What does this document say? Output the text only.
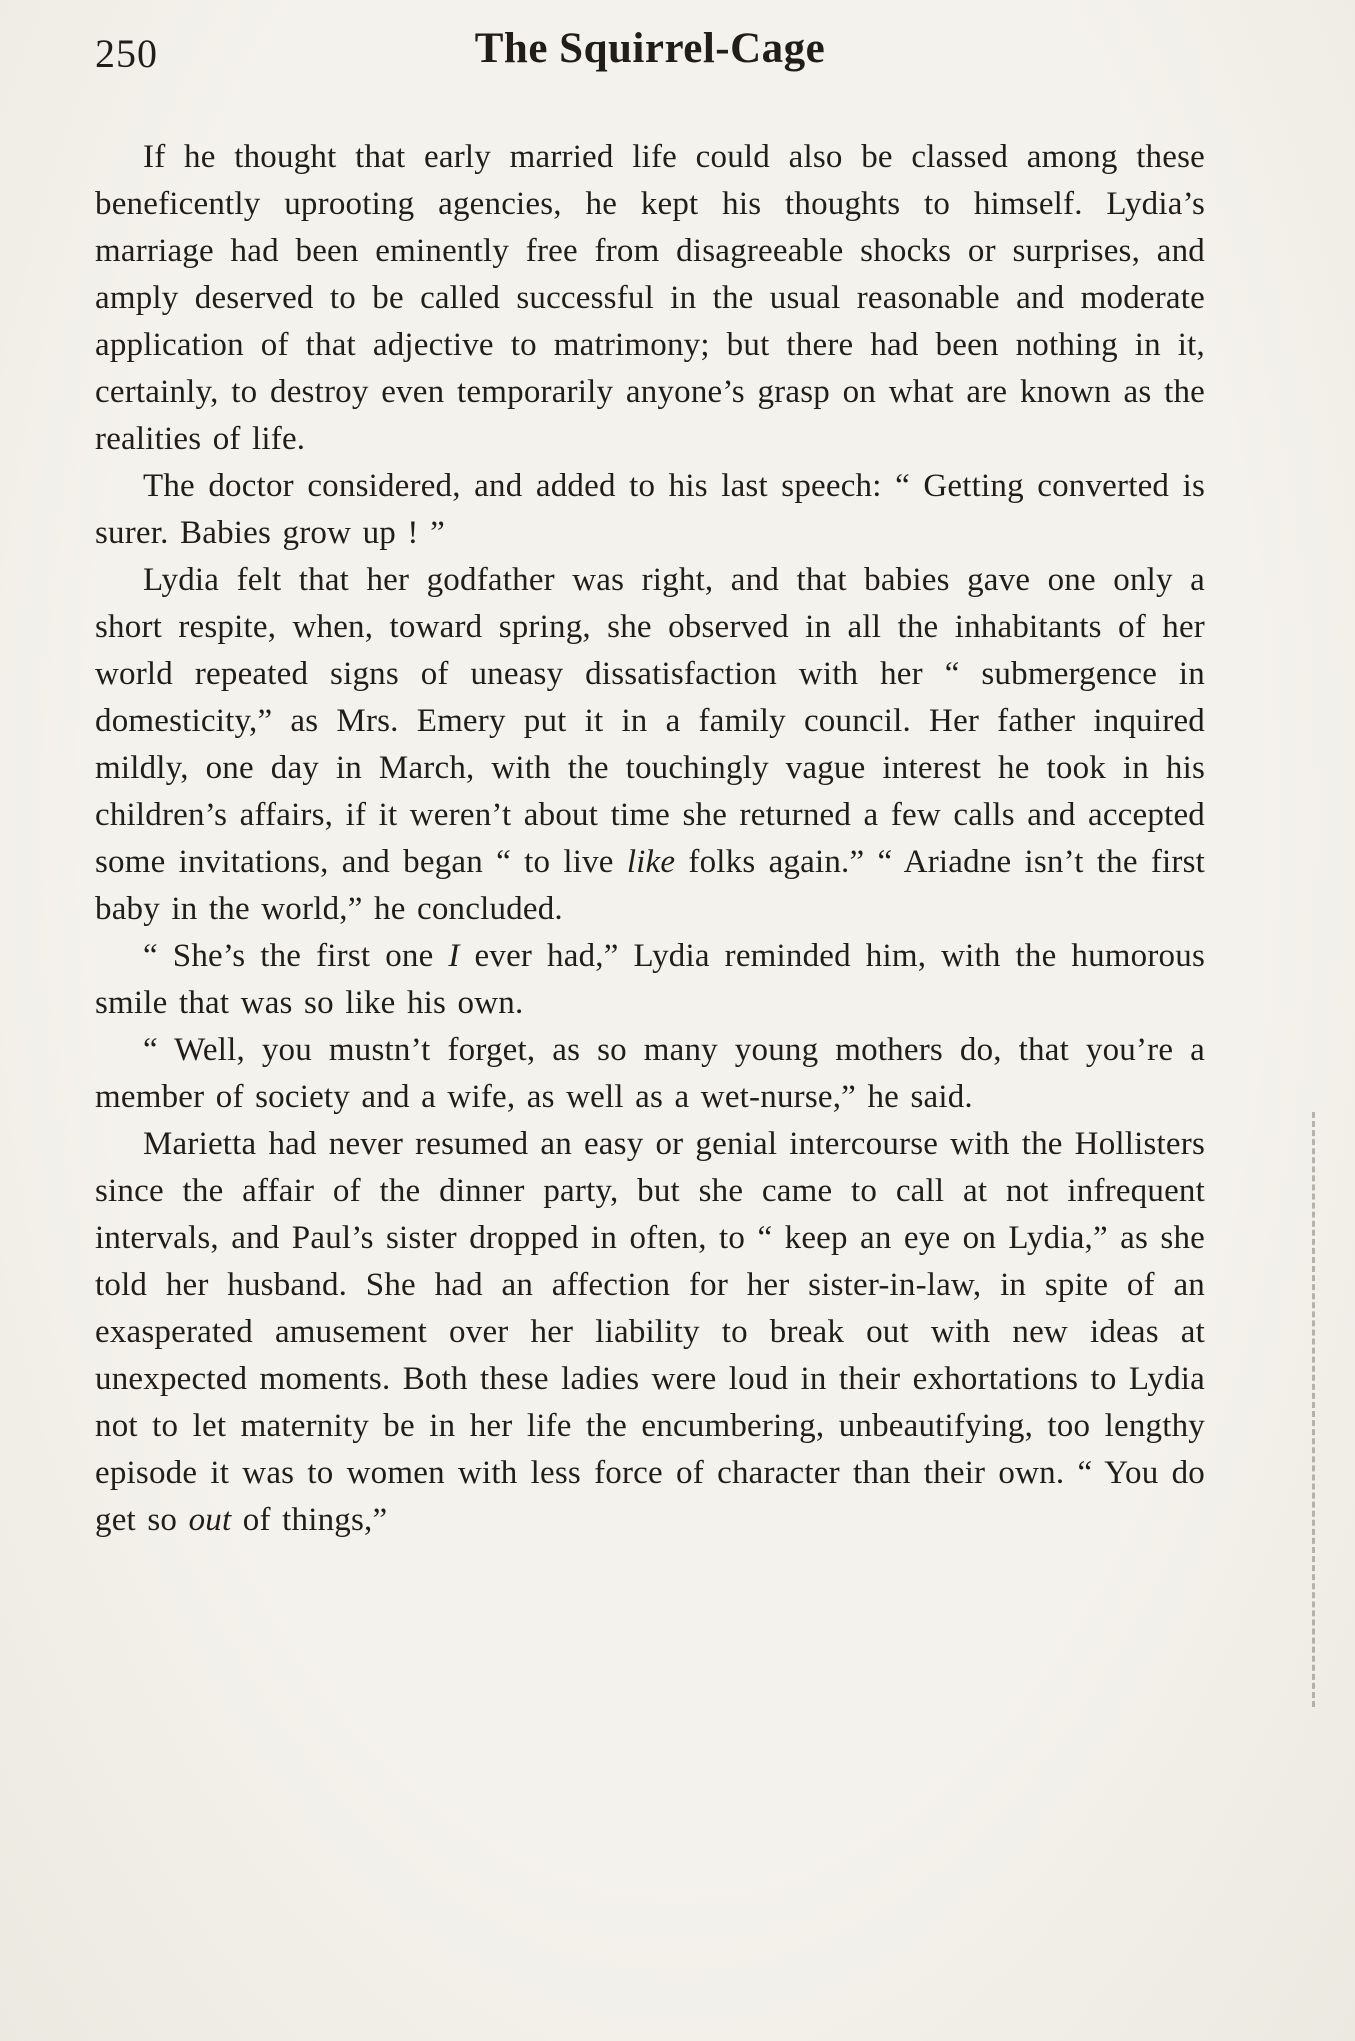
250	The Squirrel-Cage

If he thought that early married life could also be classed among these beneficently uprooting agencies, he kept his thoughts to himself. Lydia’s marriage had been eminently free from disagreeable shocks or surprises, and amply deserved to be called successful in the usual reasonable and moderate application of that adjective to matrimony; but there had been nothing in it, certainly, to destroy even temporarily anyone’s grasp on what are known as the realities of life.

The doctor considered, and added to his last speech: “ Getting converted is surer. Babies grow up ! ”

Lydia felt that her godfather was right, and that babies gave one only a short respite, when, toward spring, she observed in all the inhabitants of her world repeated signs of uneasy dissatisfaction with her “ submergence in domesticity,” as Mrs. Emery put it in a family council. Her father inquired mildly, one day in March, with the touchingly vague interest he took in his children’s affairs, if it weren’t about time she returned a few calls and accepted some invitations, and began “ to live like folks again.” “ Ariadne isn’t the first baby in the world,” he concluded.

“ She’s the first one I ever had,” Lydia reminded him, with the humorous smile that was so like his own.

“ Well, you mustn’t forget, as so many young mothers do, that you’re a member of society and a wife, as well as a wet-nurse,” he said.

Marietta had never resumed an easy or genial intercourse with the Hollisters since the affair of the dinner party, but she came to call at not infrequent intervals, and Paul’s sister dropped in often, to “ keep an eye on Lydia,” as she told her husband. She had an affection for her sister-in-law, in spite of an exasperated amusement over her liability to break out with new ideas at unexpected moments. Both these ladies were loud in their exhortations to Lydia not to let maternity be in her life the encumbering, unbeautifying, too lengthy episode it was to women with less force of character than their own. “ You do get so out of things,”
